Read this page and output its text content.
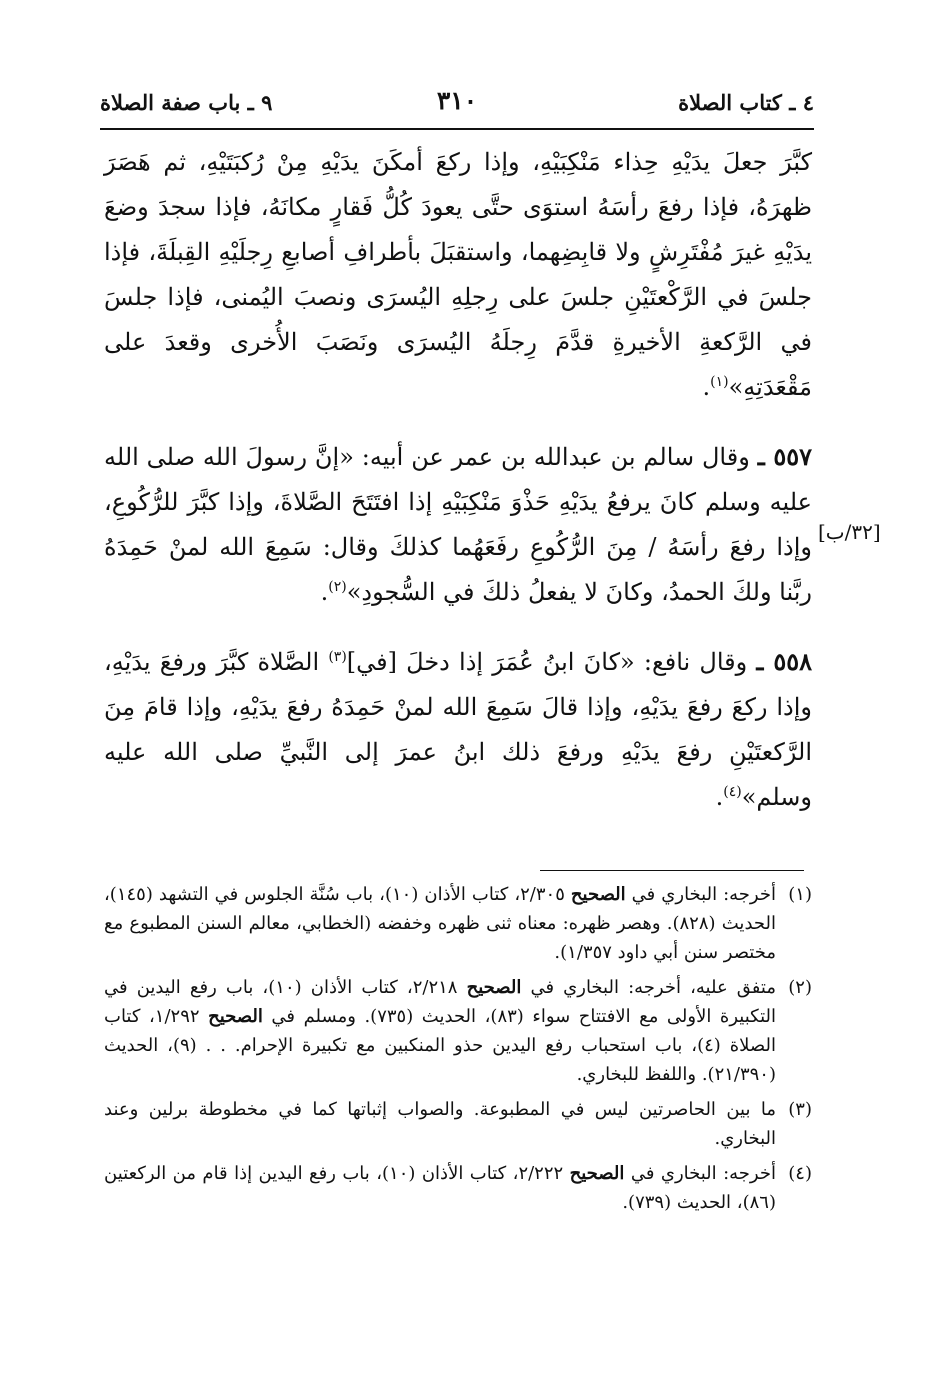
٤ ـ كتاب الصلاة
٣١٠
٩ ـ باب صفة الصلاة

كبَّرَ جعلَ يدَيْهِ حِذاء مَنْكِبَيْهِ، وإذا ركعَ أمكَنَ يدَيْهِ مِنْ رُكبَتَيْهِ، ثم هَصَرَ ظهرَهُ، فإذا رفعَ رأسَهُ استوَى حتَّى يعودَ كُلُّ فَقارٍ مكانَهُ، فإذا سجدَ وضعَ يدَيْهِ غيرَ مُفْتَرِشٍ ولا قابِضِهما، واستقبَلَ بأطرافِ أصابعِ رِجلَيْهِ القِبلَةَ، فإذا جلسَ في الرَّكْعتَيْنِ جلسَ على رِجلِهِ اليُسرَى ونصبَ اليُمنى، فإذا جلسَ في الرَّكعةِ الأخيرةِ قدَّمَ رِجلَهُ اليُسرَى ونَصَبَ الأُخرى وقعدَ على مَقْعَدَتِهِ»$^{(١)}$.

٥٥٧ ـ وقال سالم بن عبدالله بن عمر عن أبيه: «إنَّ رسولَ الله صلى الله عليه وسلم كانَ يرفعُ يدَيْهِ حَذْوَ مَنْكِبَيْهِ إذا افتَتَحَ الصَّلاةَ، وإذا كبَّرَ للرُّكُوعِ، وإذا رفعَ رأسَهُ / مِنَ الرُّكُوعِ رفَعَهُما كذلكَ وقال: سَمِعَ الله لمنْ حَمِدَهُ ربَّنا ولكَ الحمدُ، وكانَ لا يفعلُ ذلكَ في السُّجودِ»$^{(٢)}$.

٥٥٨ ـ وقال نافع: «كانَ ابنُ عُمَرَ إذا دخلَ [في]$^{(٣)}$ الصَّلاة كبَّرَ ورفعَ يدَيْهِ، وإذا ركعَ رفعَ يدَيْهِ، وإذا قالَ سَمِعَ الله لمنْ حَمِدَهُ رفعَ يدَيْهِ، وإذا قامَ مِنَ الرَّكعتَيْنِ رفعَ يدَيْهِ ورفعَ ذلك ابنُ عمرَ إلى النَّبيِّ صلى الله عليه وسلم»$^{(٤)}$.

[٣٢/ب]

(١)
أخرجه: البخاري في الصحيح ٢/٣٠٥، كتاب الأذان (١٠)، باب سُنَّة الجلوس في التشهد (١٤٥)، الحديث (٨٢٨). وهصر ظهره: معناه ثنى ظهره وخفضه (الخطابي، معالم السنن المطبوع مع مختصر سنن أبي داود ١/٣٥٧).

(٢)
متفق عليه، أخرجه: البخاري في الصحيح ٢/٢١٨، كتاب الأذان (١٠)، باب رفع اليدين في التكبيرة الأولى مع الافتتاح سواء (٨٣)، الحديث (٧٣٥). ومسلم في الصحيح ١/٢٩٢، كتاب الصلاة (٤)، باب استحباب رفع اليدين حذو المنكبين مع تكبيرة الإحرام. . . (٩)، الحديث (٢١/٣٩٠). واللفظ للبخاري.

(٣)
ما بين الحاصرتين ليس في المطبوعة. والصواب إثباتها كما في مخطوطة برلين وعند البخاري.

(٤)
أخرجه: البخاري في الصحيح ٢/٢٢٢، كتاب الأذان (١٠)، باب رفع اليدين إذا قام من الركعتين (٨٦)، الحديث (٧٣٩).
